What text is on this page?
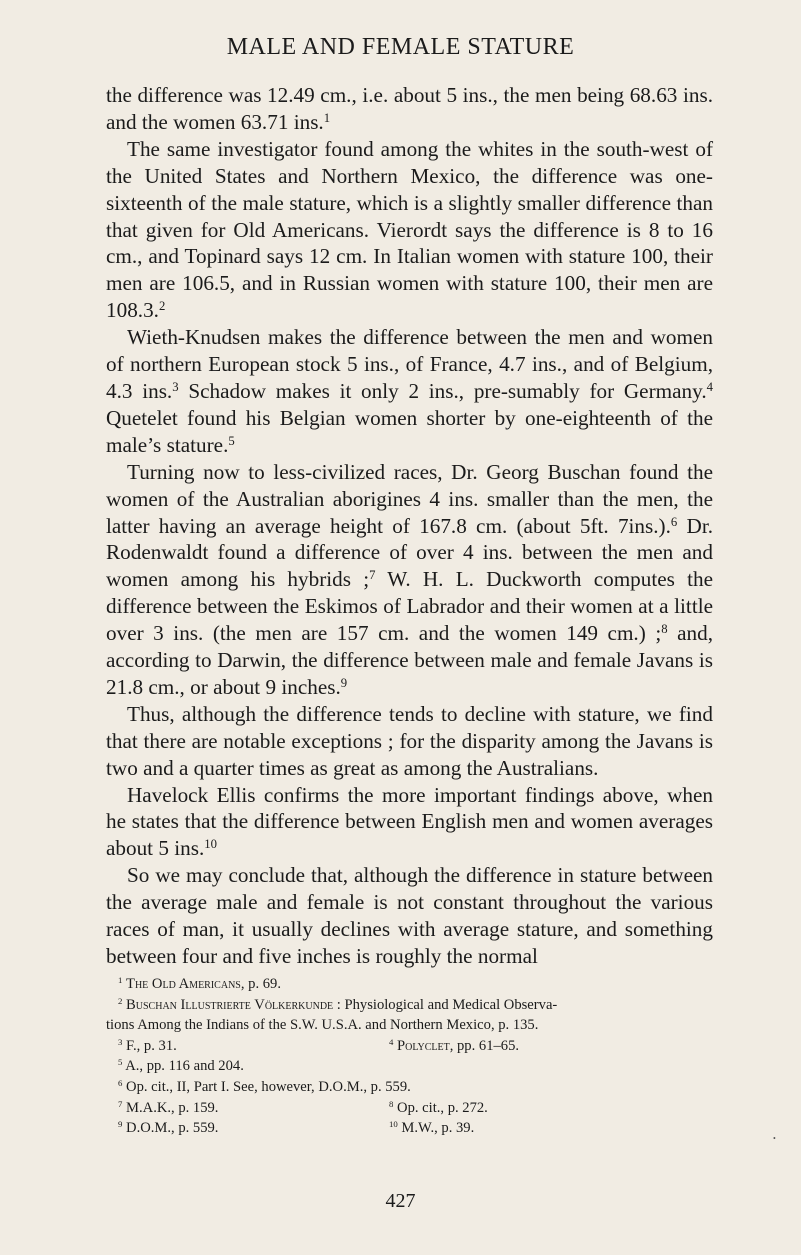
MALE AND FEMALE STATURE

the difference was 12.49 cm., i.e. about 5 ins., the men being 68.63 ins. and the women 63.71 ins.$^1$

The same investigator found among the whites in the south-west of the United States and Northern Mexico, the difference was one-sixteenth of the male stature, which is a slightly smaller difference than that given for Old Americans. Vierordt says the difference is 8 to 16 cm., and Topinard says 12 cm. In Italian women with stature 100, their men are 106.5, and in Russian women with stature 100, their men are 108.3.$^2$

Wieth-Knudsen makes the difference between the men and women of northern European stock 5 ins., of France, 4.7 ins., and of Belgium, 4.3 ins.$^3$ Schadow makes it only 2 ins., pre-sumably for Germany.$^4$ Quetelet found his Belgian women shorter by one-eighteenth of the male’s stature.$^5$

Turning now to less-civilized races, Dr. Georg Buschan found the women of the Australian aborigines 4 ins. smaller than the men, the latter having an average height of 167.8 cm. (about 5ft. 7ins.).$^6$ Dr. Rodenwaldt found a difference of over 4 ins. between the men and women among his hybrids ;$^7$ W. H. L. Duckworth computes the difference between the Eskimos of Labrador and their women at a little over 3 ins. (the men are 157 cm. and the women 149 cm.) ;$^8$ and, according to Darwin, the difference between male and female Javans is 21.8 cm., or about 9 inches.$^9$

Thus, although the difference tends to decline with stature, we find that there are notable exceptions ; for the disparity among the Javans is two and a quarter times as great as among the Australians.

Havelock Ellis confirms the more important findings above, when he states that the difference between English men and women averages about 5 ins.$^{10}$

So we may conclude that, although the difference in stature between the average male and female is not constant throughout the various races of man, it usually declines with average stature, and something between four and five inches is roughly the normal

$^1$ The Old Americans, p. 69.
$^2$ Buschan Illustrierte Völkerkunde : Physiological and Medical Observa-
tions Among the Indians of the S.W. U.S.A. and Northern Mexico, p. 135.
$^3$ F., p. 31.	$^4$ Polyclet, pp. 61–65.
$^5$ A., pp. 116 and 204.
$^6$ Op. cit., II, Part I. See, however, D.O.M., p. 559.
$^7$ M.A.K., p. 159.	$^8$ Op. cit., p. 272.
$^9$ D.O.M., p. 559.	$^{10}$ M.W., p. 39.
•
427
